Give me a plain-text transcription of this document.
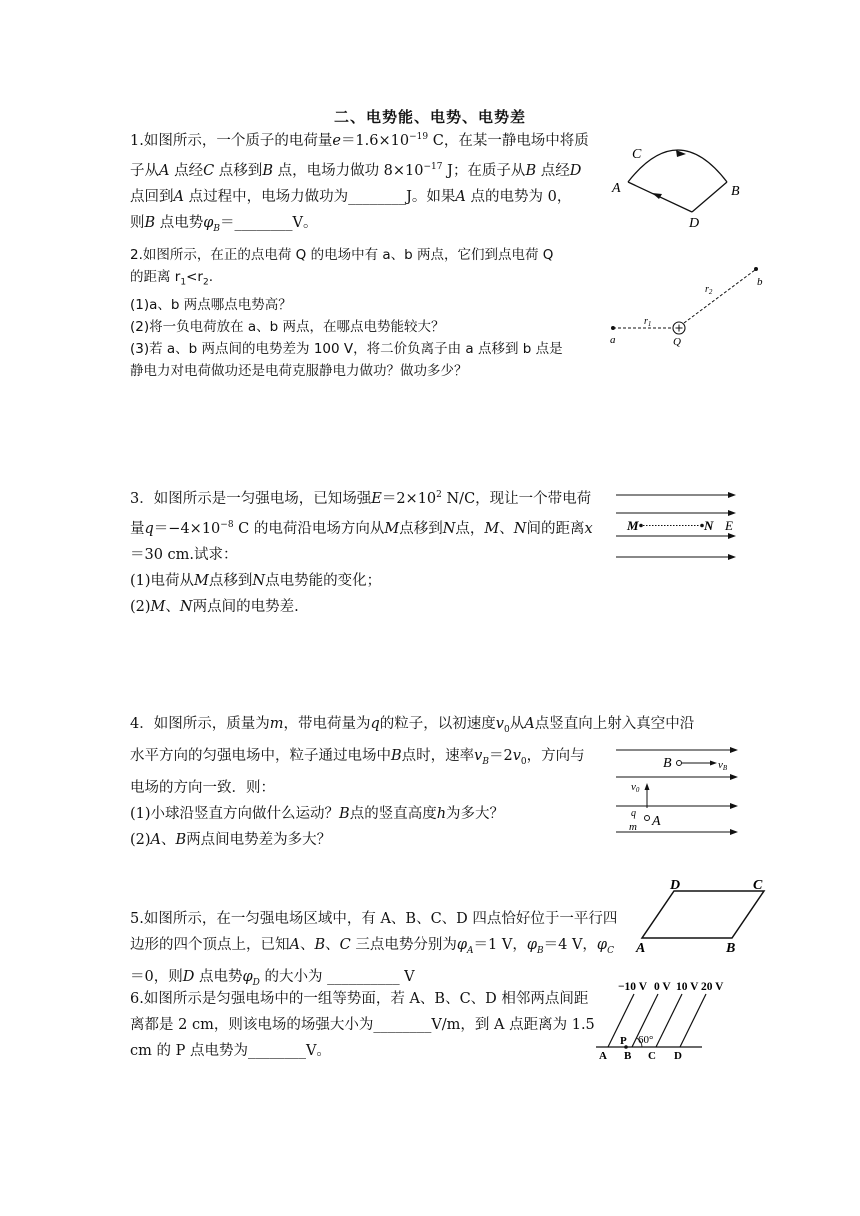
二、电势能、电势、电势差
1.如图所示，一个质子的电荷量$e=1.6\times 10^{-19}$ C，在某一静电场中将质
子从A 点经C 点移到B 点，电场力做功 $8\times 10^{-17}$ J；在质子从B 点经D
点回到A 点过程中，电场力做功为________J。如果A 点的电势为 0，
则B 点电势$\varphi_B=\_\_\_\_\_\_\_\_V$。
C
A	B
D
2.如图所示，在正的点电荷 Q 的电场中有 a、b 两点，它们到点电荷 Q
的距离 $r_1<r_2$.
(1)a、b 两点哪点电势高？
(2)将一负电荷放在 a、b 两点，在哪点电势能较大？
(3)若 a、b 两点间的电势差为 100 V，将二价负离子由 a 点移到 b 点是
静电力对电荷做功还是电荷克服静电力做功？做功多少？
a
b
Q
$r_1$
$r_2$
3．如图所示是一匀强电场，已知场强$E=2\times 10^2$ N/C，现让一个带电荷
量$q=-4\times 10^{-8}$ C 的电荷沿电场方向从M点移到N点，M、N间的距离x
＝30 cm.试求：
(1)电荷从M点移到N点电势能的变化；
(2)M、N两点间的电势差.
M	N E
4．如图所示，质量为m，带电荷量为q的粒子，以初速度$v_0$从A点竖直向上射入真空中沿
水平方向的匀强电场中，粒子通过电场中B点时，速率$v_B=2v_0$，方向与
电场的方向一致．则：
(1)小球沿竖直方向做什么运动？B点的竖直高度h为多大？
(2)A、B两点间电势差为多大？
B	vB
v0
q
A
m
5.如图所示，在一匀强电场区域中，有 A、B、C、D 四点恰好位于一平行四
边形的四个顶点上，已知A、B、C 三点电势分别为$\varphi_A=1$ V，$\varphi_B=4$ V，$\varphi_C$
＝0，则D 点电势$\varphi_D$ 的大小为 __________ V
D	C
A	B
6.如图所示是匀强电场中的一组等势面，若 A、B、C、D 相邻两点间距
离都是 2 cm，则该电场的场强大小为________V/m，到 A 点距离为 1.5
cm 的 P 点电势为________V。
−10 V 0 V 10 V 20 V
60°
P
A B C D
